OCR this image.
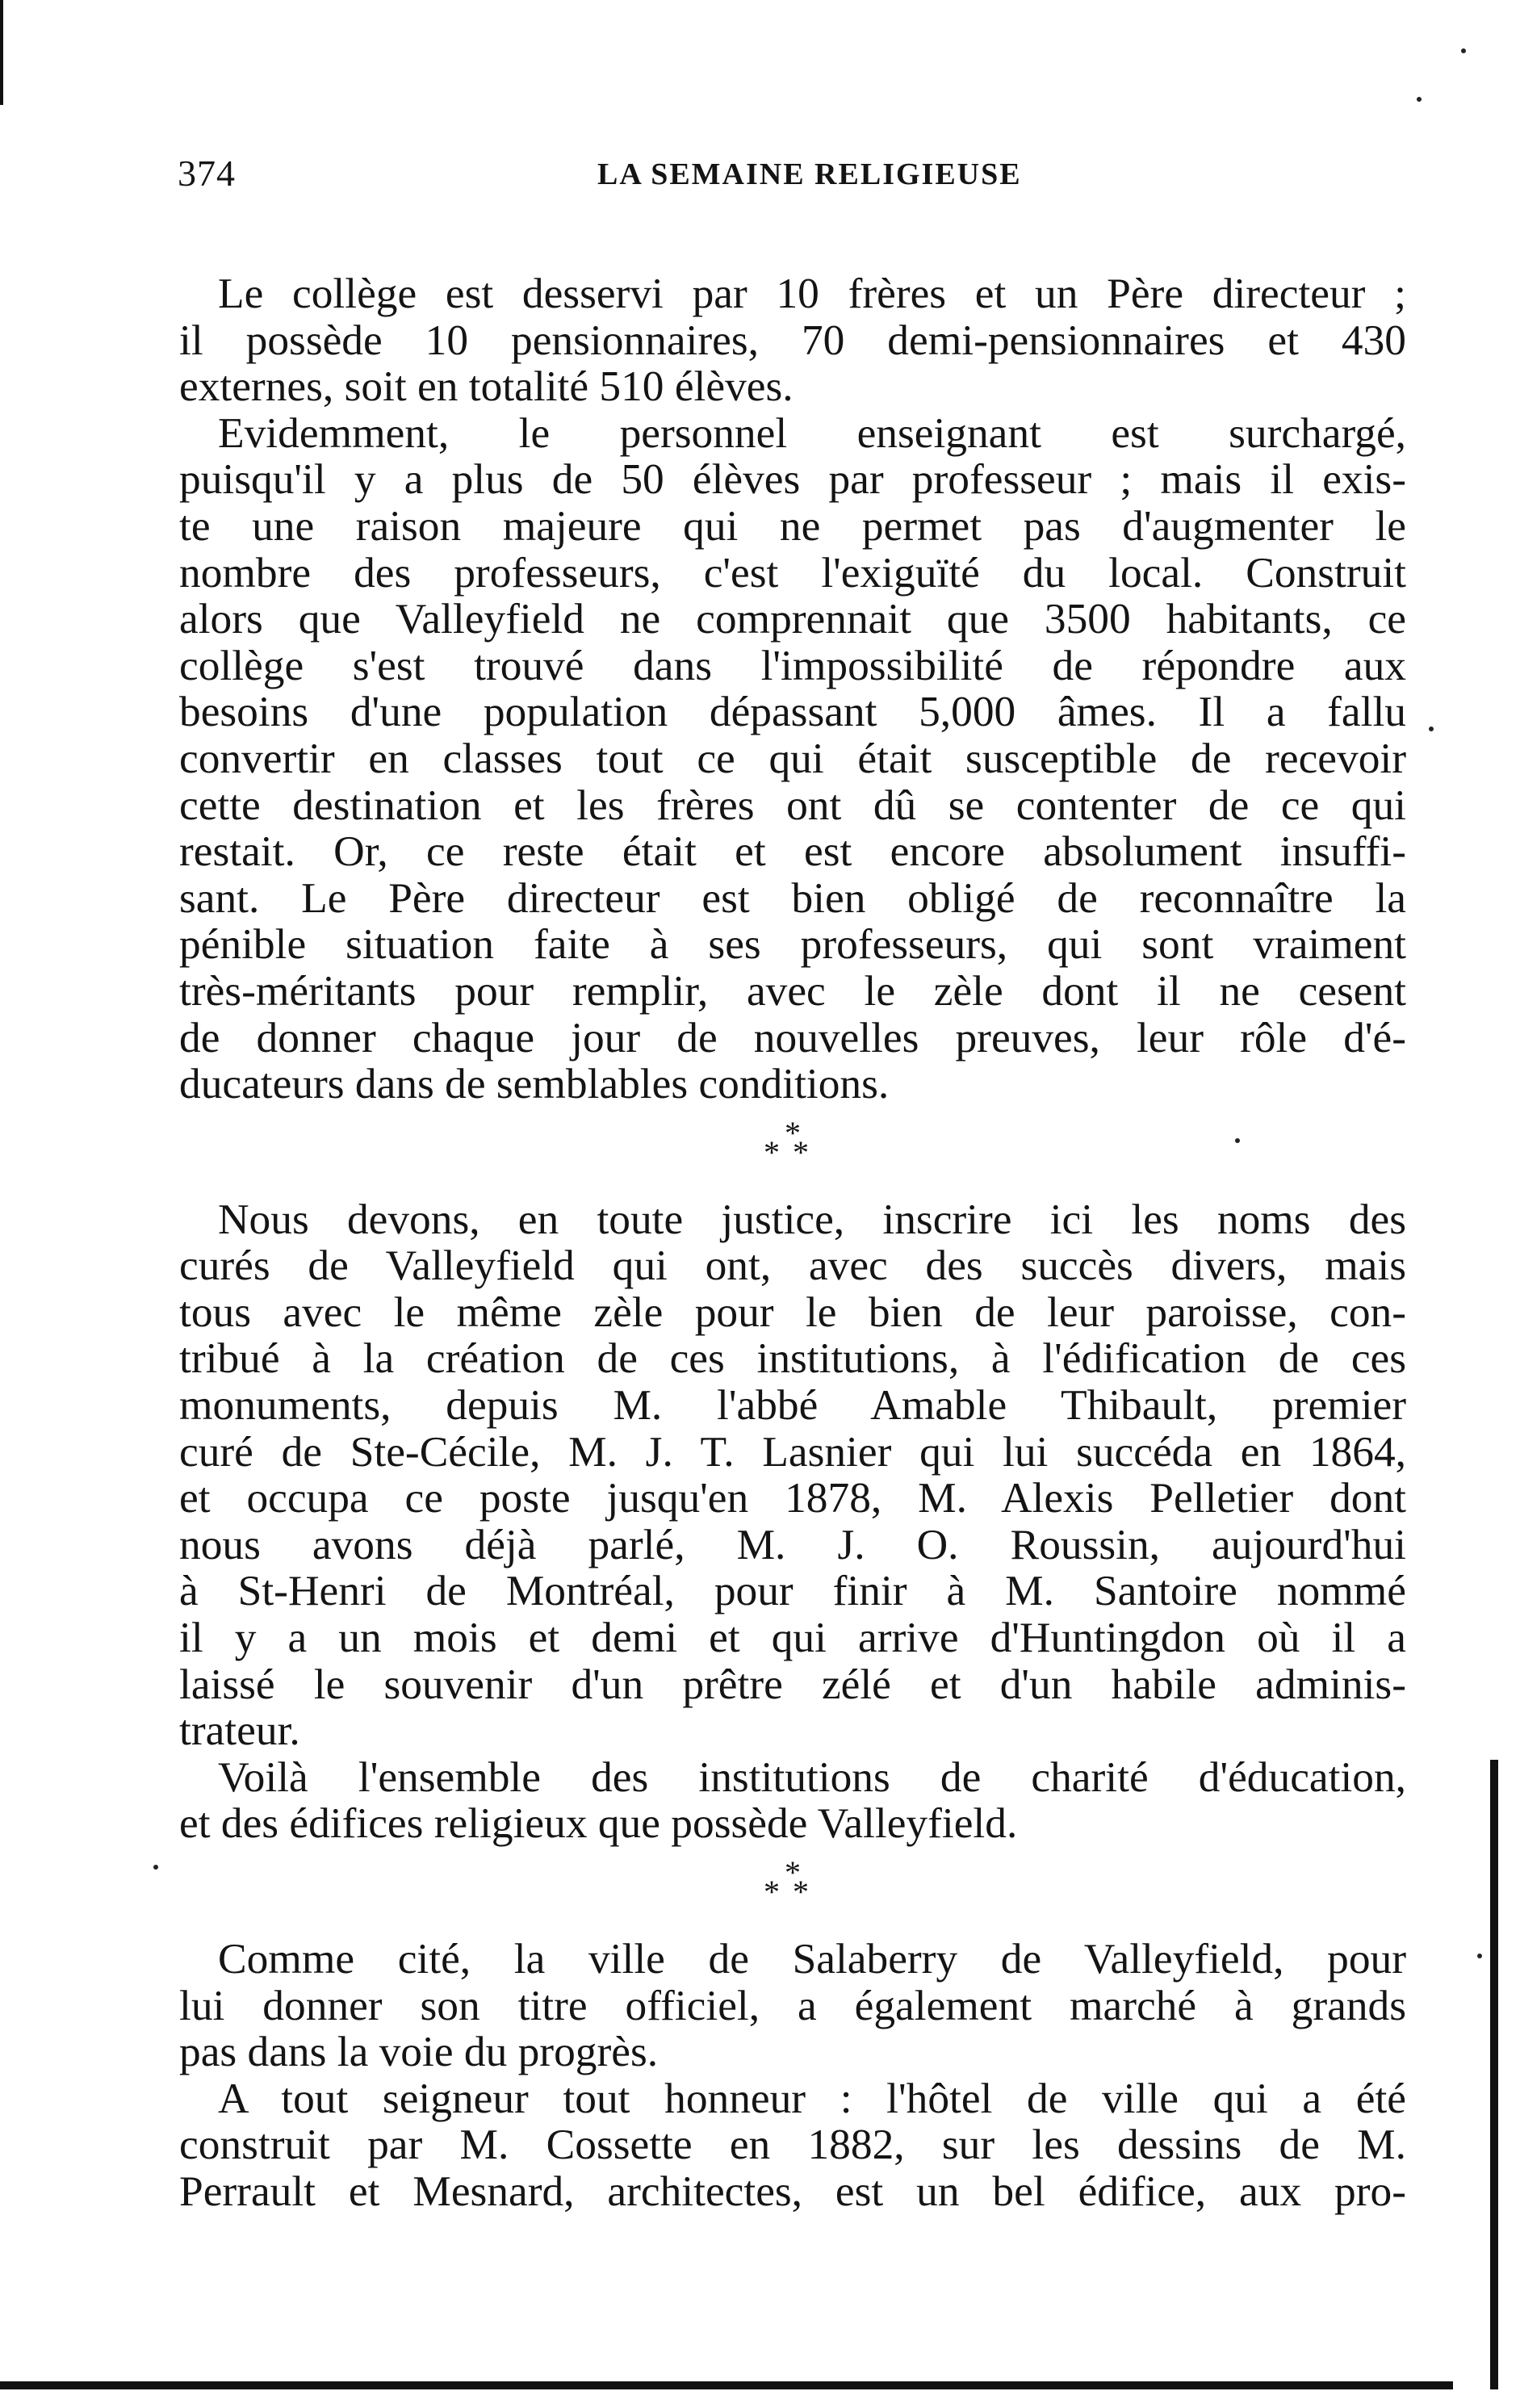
374	LA SEMAINE RELIGIEUSE
Le collège est desservi par 10 frères et un Père directeur ;
il possède 10 pensionnaires, 70 demi-pensionnaires et 430
externes, soit en totalité 510 élèves.
Evidemment, le personnel enseignant est surchargé,
puisqu'il y a plus de 50 élèves par professeur ; mais il exis-
te une raison majeure qui ne permet pas d'augmenter le
nombre des professeurs, c'est l'exiguïté du local. Construit
alors que Valleyfield ne comprennait que 3500 habitants, ce
collège s'est trouvé dans l'impossibilité de répondre aux
besoins d'une population dépassant 5,000 âmes. Il a fallu
convertir en classes tout ce qui était susceptible de recevoir
cette destination et les frères ont dû se contenter de ce qui
restait. Or, ce reste était et est encore absolument insuffi-
sant. Le Père directeur est bien obligé de reconnaître la
pénible situation faite à ses professeurs, qui sont vraiment
très-méritants pour remplir, avec le zèle dont il ne cesent
de donner chaque jour de nouvelles preuves, leur rôle d'é-
ducateurs dans de semblables conditions.
*
**
Nous devons, en toute justice, inscrire ici les noms des
curés de Valleyfield qui ont, avec des succès divers, mais
tous avec le même zèle pour le bien de leur paroisse, con-
tribué à la création de ces institutions, à l'édification de ces
monuments, depuis M. l'abbé Amable Thibault, premier
curé de Ste-Cécile, M. J. T. Lasnier qui lui succéda en 1864,
et occupa ce poste jusqu'en 1878, M. Alexis Pelletier dont
nous avons déjà parlé, M. J. O. Roussin, aujourd'hui
à St-Henri de Montréal, pour finir à M. Santoire nommé
il y a un mois et demi et qui arrive d'Huntingdon où il a
laissé le souvenir d'un prêtre zélé et d'un habile adminis-
trateur.
Voilà l'ensemble des institutions de charité d'éducation,
et des édifices religieux que possède Valleyfield.
*
**
Comme cité, la ville de Salaberry de Valleyfield, pour
lui donner son titre officiel, a également marché à grands
pas dans la voie du progrès.
A tout seigneur tout honneur : l'hôtel de ville qui a été
construit par M. Cossette en 1882, sur les dessins de M.
Perrault et Mesnard, architectes, est un bel édifice, aux pro-
